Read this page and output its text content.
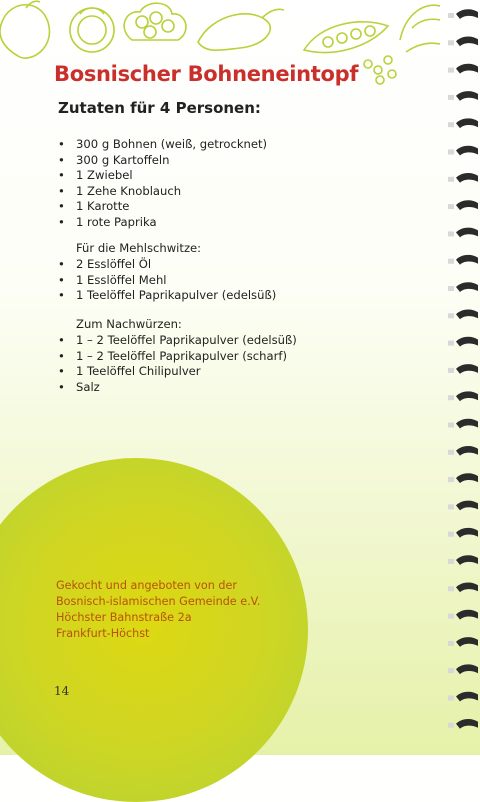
Bosnischer Bohneneintopf
Zutaten für 4 Personen:
• 300 g Bohnen (weiß, getrocknet)
• 300 g Kartoffeln
• 1 Zwiebel
• 1 Zehe Knoblauch
• 1 Karotte
• 1 rote Paprika
Für die Mehlschwitze:
• 2 Esslöffel Öl
• 1 Esslöffel Mehl
• 1 Teelöffel Paprikapulver (edelsüß)
Zum Nachwürzen:
• 1 – 2 Teelöffel Paprikapulver (edelsüß)
• 1 – 2 Teelöffel Paprikapulver (scharf)
• 1 Teelöffel Chilipulver
• Salz
Gekocht und angeboten von der
Bosnisch-islamischen Gemeinde e.V.
Höchster Bahnstraße 2a
Frankfurt-Höchst
14
